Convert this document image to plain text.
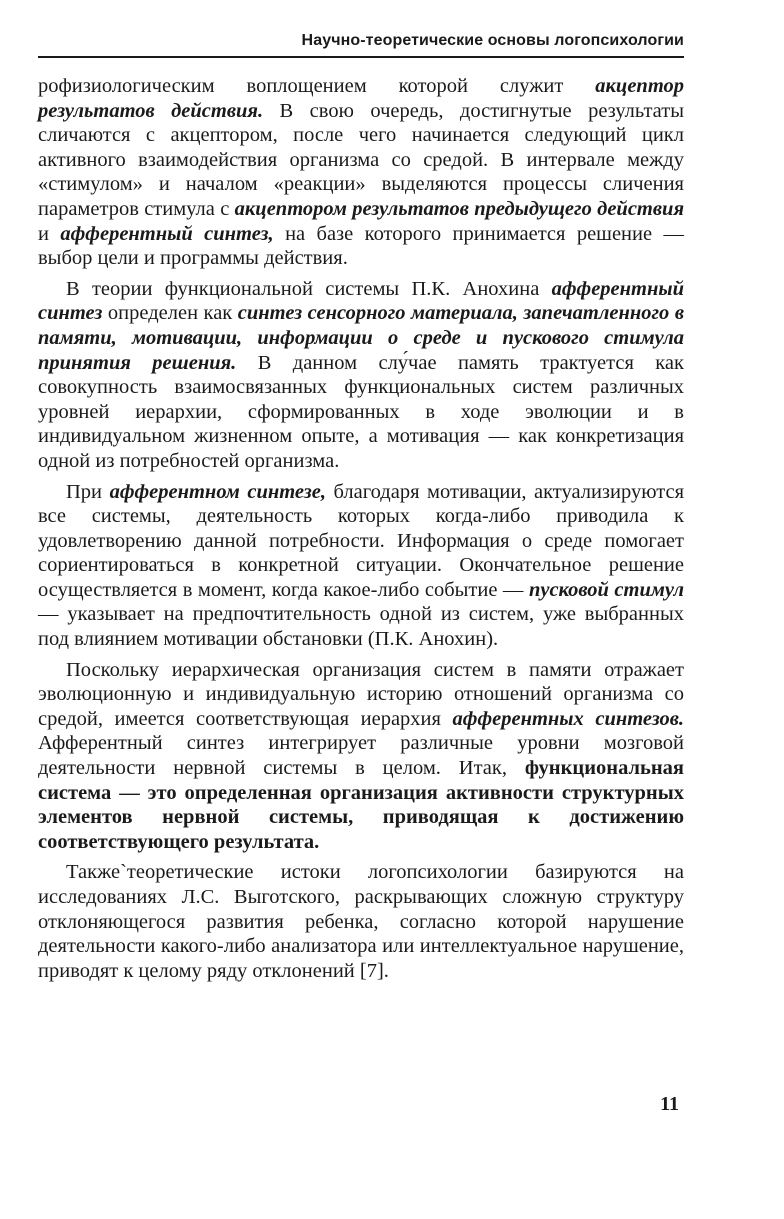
Научно-теоретические основы логопсихологии

рофизиологическим воплощением которой служит акцептор результатов действия. В свою очередь, достигнутые результаты сличаются с акцептором, после чего начинается следующий цикл активного взаимодействия организма со средой. В интервале между «стимулом» и началом «реакции» выделяются процессы сличения параметров стимула с акцептором результатов предыдущего действия и афферентный синтез, на базе которого принимается решение — выбор цели и программы действия.

В теории функциональной системы П.К. Анохина афферентный синтез определен как синтез сенсорного материала, запечатленного в памяти, мотивации, информации о среде и пускового стимула принятия решения. В данном слу́чае память трактуется как совокупность взаимосвязанных функциональных систем различных уровней иерархии, сформированных в ходе эволюции и в индивидуальном жизненном опыте, а мотивация — как конкретизация одной из потребностей организма.

При афферентном синтезе, благодаря мотивации, актуализируются все системы, деятельность которых когда-либо приводила к удовлетворению данной потребности. Информация о среде помогает сориентироваться в конкретной ситуации. Окончательное решение осуществляется в момент, когда какое-либо событие — пусковой стимул — указывает на предпочтительность одной из систем, уже выбранных под влиянием мотивации обстановки (П.К. Анохин).

Поскольку иерархическая организация систем в памяти отражает эволюционную и индивидуальную историю отношений организма со средой, имеется соответствующая иерархия афферентных синтезов. Афферентный синтез интегрирует различные уровни мозговой деятельности нервной системы в целом. Итак, функциональная система — это определенная организация активности структурных элементов нервной системы, приводящая к достижению соответствующего результата.

Также`теоретические истоки логопсихологии базируются на исследованиях Л.С. Выготского, раскрывающих сложную структуру отклоняющегося развития ребенка, согласно которой нарушение деятельности какого-либо анализатора или интеллектуальное нарушение, приводят к целому ряду отклонений [7].

11
